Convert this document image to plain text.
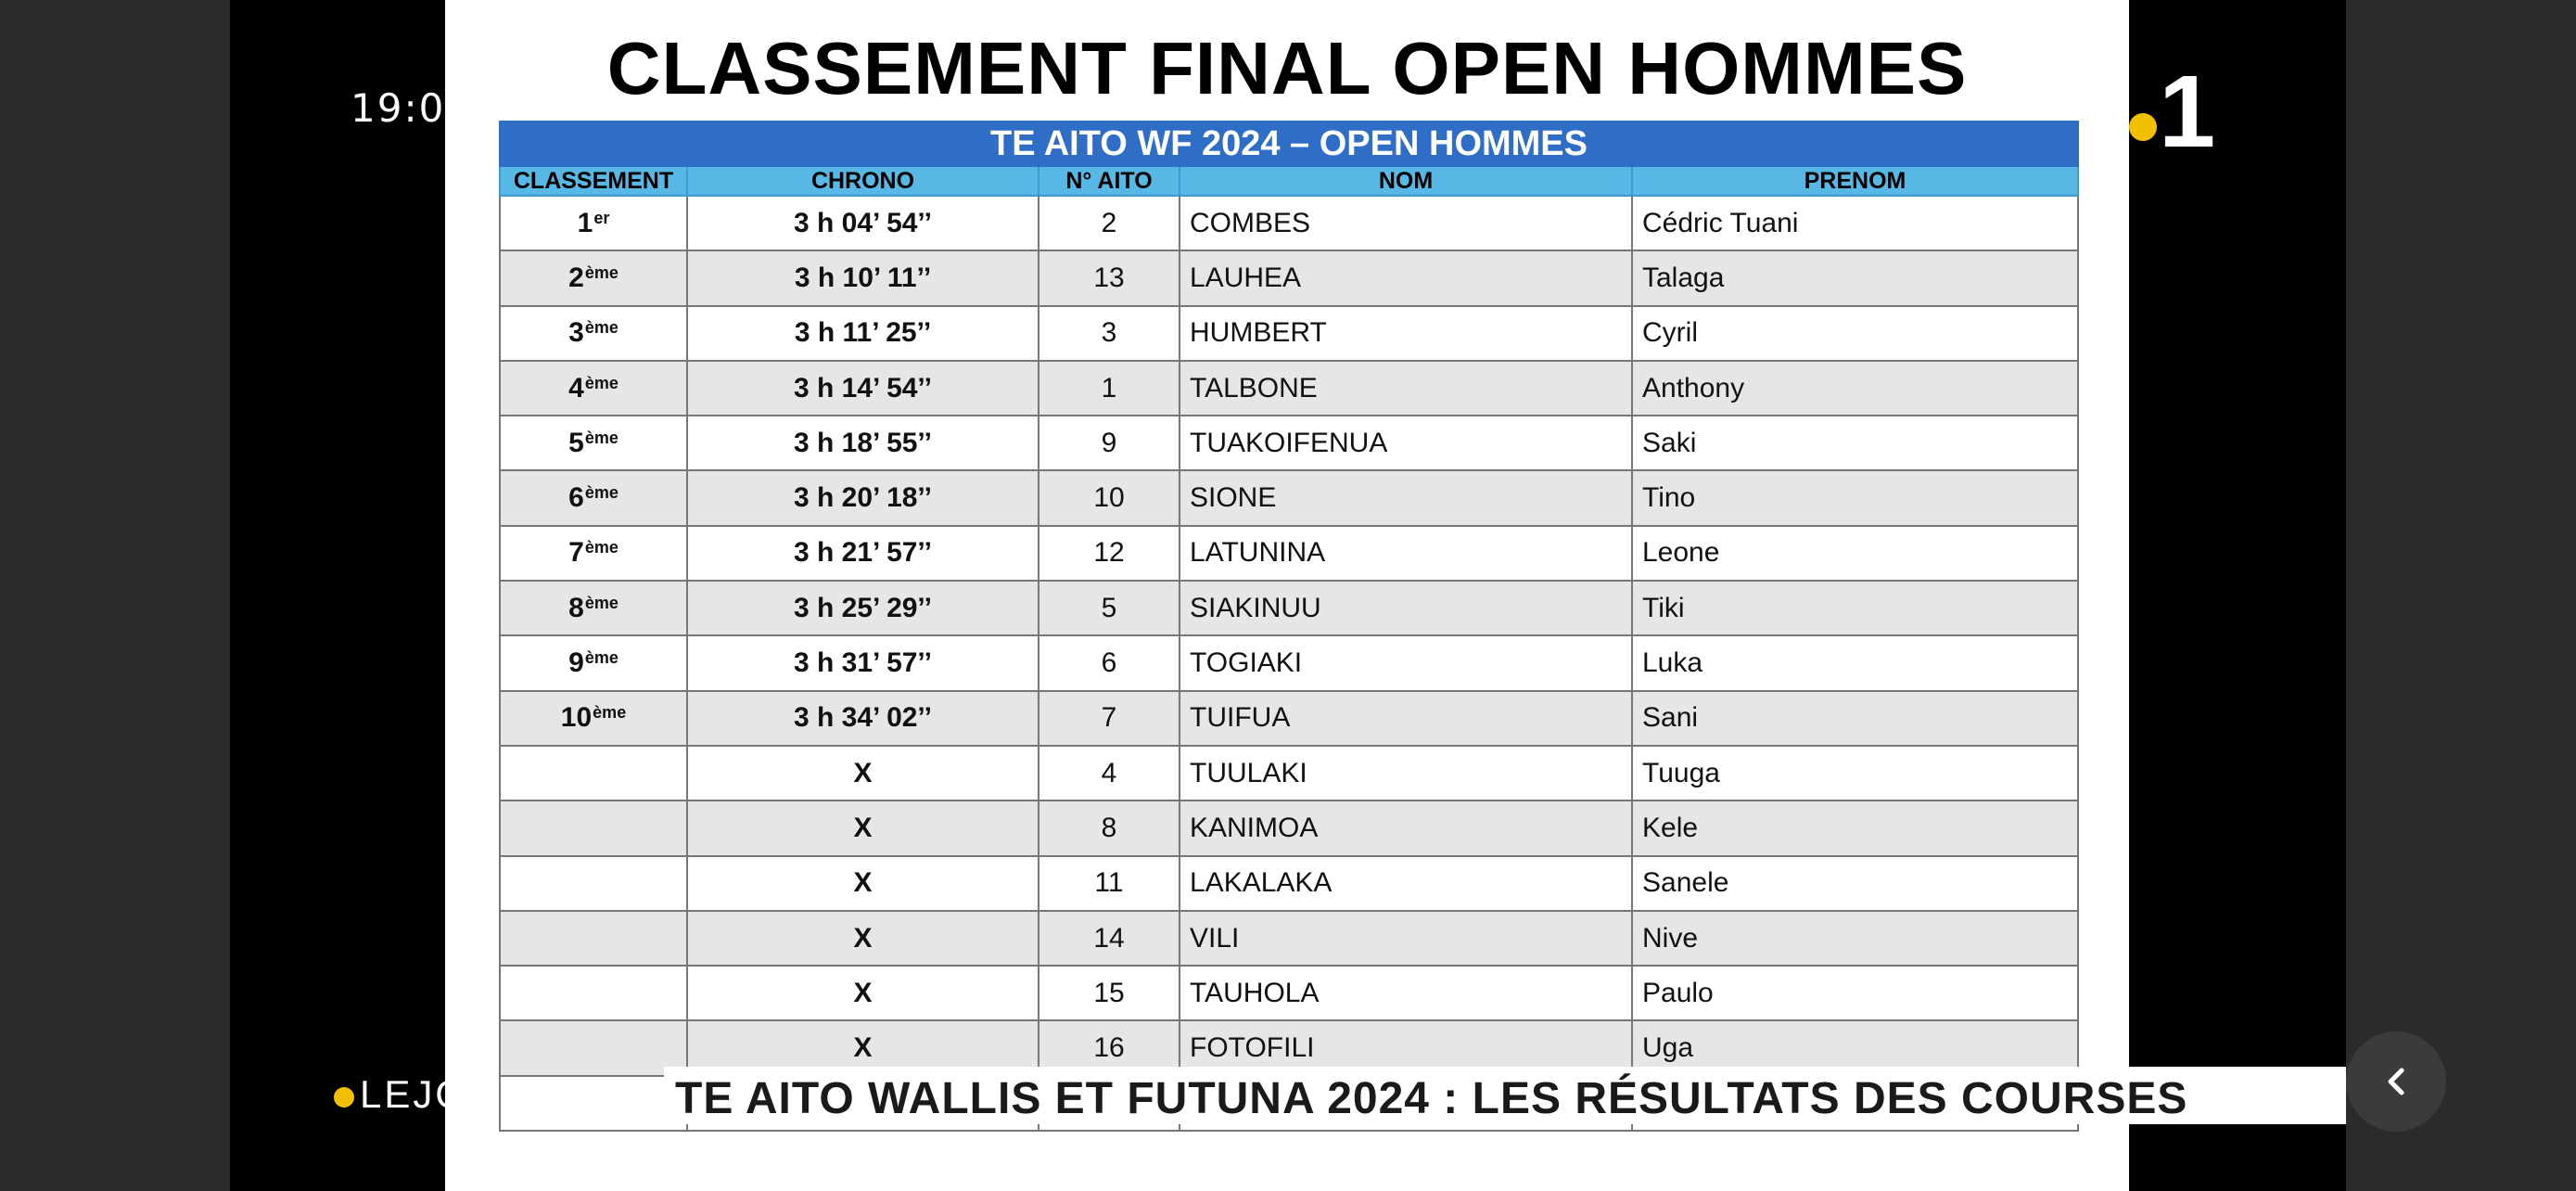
CLASSEMENT FINAL OPEN HOMMES
TE AITO WF 2024 – OPEN HOMMES				
CLASSEMENT	CHRONO	N° AITO	NOM	PRENOM
1er	3 h 04’ 54’’	2	COMBES	Cédric Tuani
2ème	3 h 10’ 11’’	13	LAUHEA	Talaga
3ème	3 h 11’ 25’’	3	HUMBERT	Cyril
4ème	3 h 14’ 54’’	1	TALBONE	Anthony
5ème	3 h 18’ 55’’	9	TUAKOIFENUA	Saki
6ème	3 h 20’ 18’’	10	SIONE	Tino
7ème	3 h 21’ 57’’	12	LATUNINA	Leone
8ème	3 h 25’ 29’’	5	SIAKINUU	Tiki
9ème	3 h 31’ 57’’	6	TOGIAKI	Luka
10ème	3 h 34’ 02’’	7	TUIFUA	Sani
	X	4	TUULAKI	Tuuga
	X	8	KANIMOA	Kele
	X	11	LAKALAKA	Sanele
	X	14	VILI	Nive
	X	15	TAUHOLA	Paulo
	X	16	FOTOFILI	Uga

19:01	1
LEJOURNAL TE AITO WALLIS ET FUTUNA 2024 : LES RÉSULTATS DES COURSES
